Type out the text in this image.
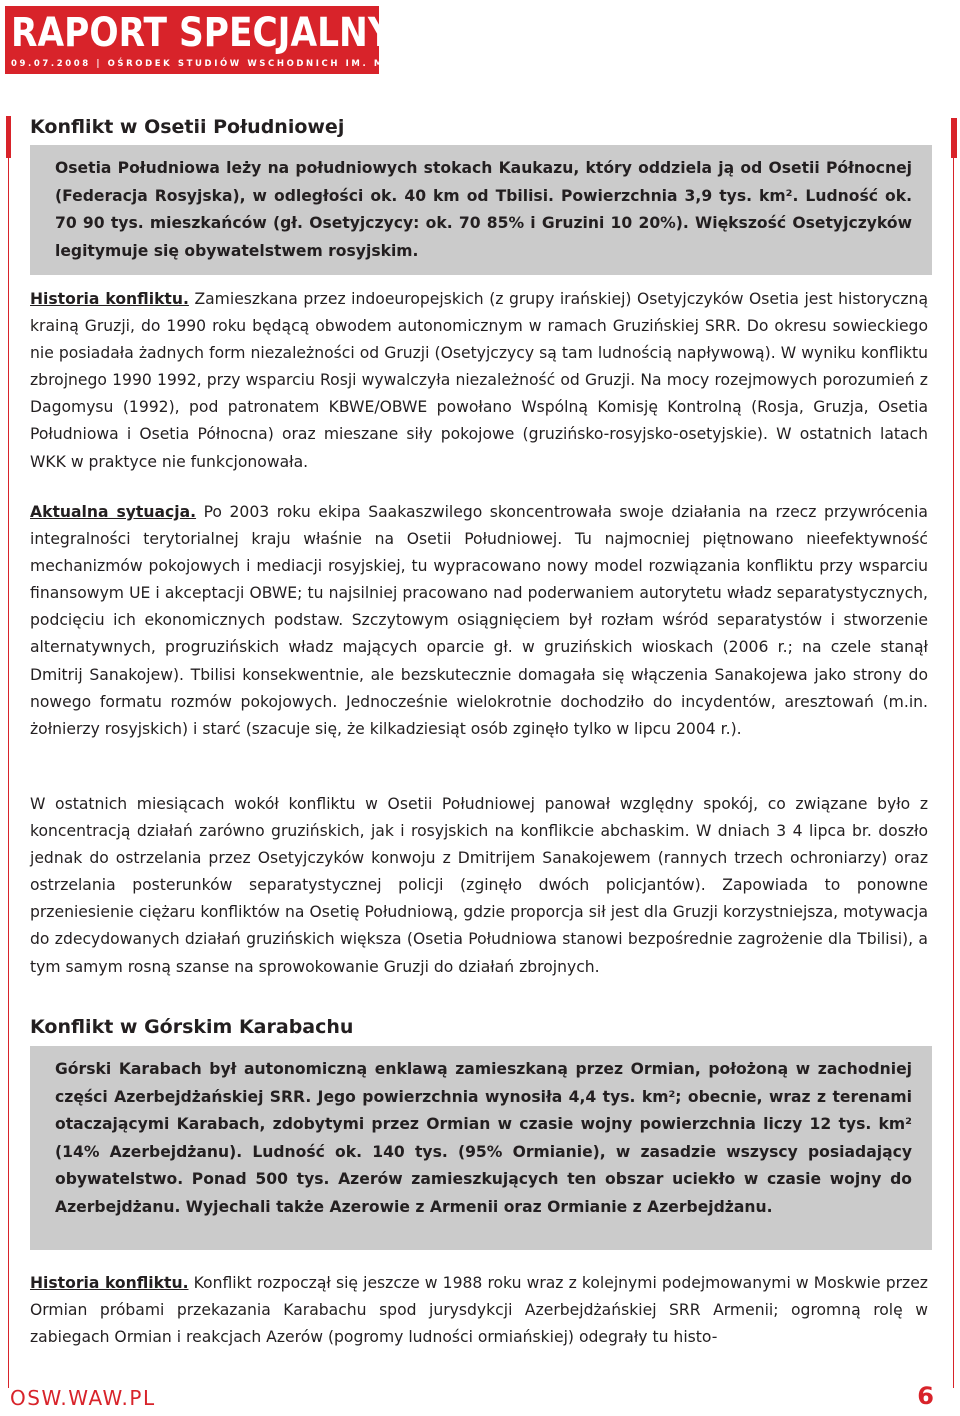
RAPORT SPECJALNY
09.07.2008 | OŚRODEK STUDIÓW WSCHODNICH IM. MARKA KARPIA
Konflikt w Osetii Południowej

Osetia Południowa leży na południowych stokach Kaukazu, który oddziela ją od Osetii Północnej (Federacja Rosyjska), w odległości ok. 40 km od Tbilisi. Powierzchnia 3,9 tys. km². Ludność ok. 70 90 tys. mieszkańców (gł. Osetyjczycy: ok. 70 85% i Gruzini 10 20%). Większość Osetyjczyków legitymuje się obywatelstwem rosyjskim.

Historia konfliktu. Zamieszkana przez indoeuropejskich (z grupy irańskiej) Osetyjczyków Osetia jest historyczną krainą Gruzji, do 1990 roku będącą obwodem autonomicznym w ramach Gruzińskiej SRR. Do okresu sowieckiego nie posiadała żadnych form niezależności od Gruzji (Osetyjczycy są tam ludnością napływową). W wyniku konfliktu zbrojnego 1990 1992, przy wsparciu Rosji wywalczyła niezależność od Gruzji. Na mocy rozejmowych porozumień z Dagomysu (1992), pod patronatem KBWE/OBWE powołano Wspólną Komisję Kontrolną (Rosja, Gruzja, Osetia Południowa i Osetia Północna) oraz mieszane siły pokojowe (gruzińsko-rosyjsko-osetyjskie). W ostatnich latach WKK w praktyce nie funkcjonowała.

Aktualna sytuacja. Po 2003 roku ekipa Saakaszwilego skoncentrowała swoje działania na rzecz przywrócenia integralności terytorialnej kraju właśnie na Osetii Południowej. Tu najmocniej piętnowano nieefektywność mechanizmów pokojowych i mediacji rosyjskiej, tu wypracowano nowy model rozwiązania konfliktu przy wsparciu finansowym UE i akceptacji OBWE; tu najsilniej pracowano nad poderwaniem autorytetu władz separatystycznych, podcięciu ich ekonomicznych podstaw. Szczytowym osiągnięciem był rozłam wśród separatystów i stworzenie alternatywnych, progruzińskich władz mających oparcie gł. w gruzińskich wioskach (2006 r.; na czele stanął Dmitrij Sanakojew). Tbilisi konsekwentnie, ale bezskutecznie domagała się włączenia Sanakojewa jako strony do nowego formatu rozmów pokojowych. Jednocześnie wielokrotnie dochodziło do incydentów, aresztowań (m.in. żołnierzy rosyjskich) i starć (szacuje się, że kilkadziesiąt osób zginęło tylko w lipcu 2004 r.).

W ostatnich miesiącach wokół konfliktu w Osetii Południowej panował względny spokój, co związane było z koncentracją działań zarówno gruzińskich, jak i rosyjskich na konflikcie abchaskim. W dniach 3 4 lipca br. doszło jednak do ostrzelania przez Osetyjczyków konwoju z Dmitrijem Sanakojewem (rannych trzech ochroniarzy) oraz ostrzelania posterunków separatystycznej policji (zginęło dwóch policjantów). Zapowiada to ponowne przeniesienie ciężaru konfliktów na Osetię Południową, gdzie proporcja sił jest dla Gruzji korzystniejsza, motywacja do zdecydowanych działań gruzińskich większa (Osetia Południowa stanowi bezpośrednie zagrożenie dla Tbilisi), a tym samym rosną szanse na sprowokowanie Gruzji do działań zbrojnych.

Konflikt w Górskim Karabachu

Górski Karabach był autonomiczną enklawą zamieszkaną przez Ormian, położoną w zachodniej części Azerbejdżańskiej SRR. Jego powierzchnia wynosiła 4,4 tys. km²; obecnie, wraz z terenami otaczającymi Karabach, zdobytymi przez Ormian w czasie wojny powierzchnia liczy 12 tys. km² (14% Azerbejdżanu). Ludność ok. 140 tys. (95% Ormianie), w zasadzie wszyscy posiadający obywatelstwo. Ponad 500 tys. Azerów zamieszkujących ten obszar uciekło w czasie wojny do Azerbejdżanu. Wyjechali także Azerowie z Armenii oraz Ormianie z Azerbejdżanu.

Historia konfliktu. Konflikt rozpoczął się jeszcze w 1988 roku wraz z kolejnymi podejmowanymi w Moskwie przez Ormian próbami przekazania Karabachu spod jurysdykcji Azerbejdżańskiej SRR Armenii; ogromną rolę w zabiegach Ormian i reakcjach Azerów (pogromy ludności ormiańskiej) odegrały tu histo-

OSW.WAW.PL	6
